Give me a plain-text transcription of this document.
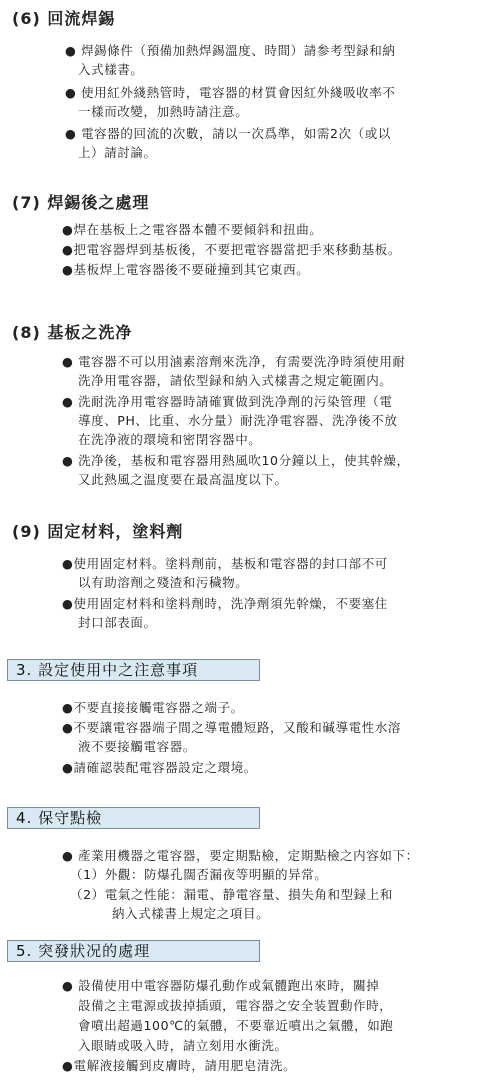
(6) 回流焊錫
● 焊錫條件（預備加熱焊錫溫度、時間）請参考型録和納
入式樣書。
● 使用紅外綫熱管時，電容器的材質會因紅外綫吸收率不
一樣而改變，加熱時請注意。
● 電容器的回流的次數，請以一次爲準，如需2次（或以
上）請討論。
(7) 焊錫後之處理
●焊在基板上之電容器本體不要傾斜和扭曲。
●把電容器焊到基板後，不要把電容器當把手來移動基板。
●基板焊上電容器後不要碰撞到其它東西。
(8) 基板之洗净
● 電容器不可以用滷素溶劑來洗净，有需要洗净時須使用耐
洗净用電容器，請依型録和納入式樣書之規定範圍内。
● 洗耐洗净用電容器時請確實做到洗净劑的污染管理（電
導度、PH、比重、水分量）耐洗净電容器、洗净後不放
在洗净液的環境和密閉容器中。
● 洗净後，基板和電容器用熱風吹10分鐘以上，使其幹燥，
又此熱風之温度要在最高温度以下。
(9) 固定材料，塗料劑
●使用固定材料。塗料劑前，基板和電容器的封口部不可
以有助溶劑之殘渣和污穢物。
●使用固定材料和塗料劑時，洗净劑須先幹燥，不要塞住
封口部表面。
3. 設定使用中之注意事項
●不要直接接觸電容器之端子。
●不要讓電容器端子間之導電體短路，又酸和碱導電性水溶
液不要接觸電容器。
●請確認裝配電容器設定之環境。
4. 保守點檢
● 產業用機器之電容器，要定期點檢，定期點檢之内容如下：
（1）外觀：防爆孔闊否漏夜等明顯的异常。
（2）電氣之性能：漏電、静電容量、損失角和型録上和
納入式樣書上規定之項目。
5. 突發狀况的處理
● 設備使用中電容器防爆孔動作或氣體跑出來時，關掉
設備之主電源或拔掉插頭，電容器之安全装置動作時，
會噴出超過100℃的氣體，不要靠近噴出之氣體，如跑
入眼睛或吸入時，請立刻用水衝洗。
●電解液接觸到皮膚時，請用肥皂清洗。
